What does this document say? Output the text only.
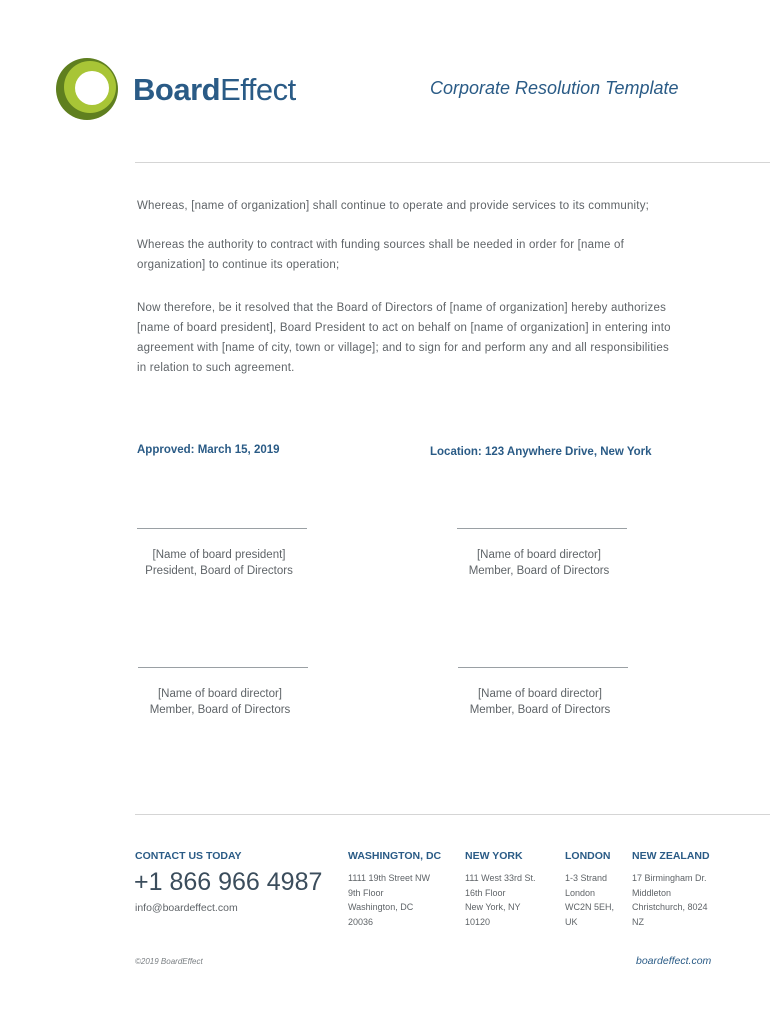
BoardEffect	Corporate Resolution Template
Whereas, [name of organization] shall continue to operate and provide services to its community;
Whereas the authority to contract with funding sources shall be needed in order for [name of organization] to continue its operation;
Now therefore, be it resolved that the Board of Directors of [name of organization] hereby authorizes [name of board president], Board President to act on behalf on [name of organization] in entering into agreement with [name of city, town or village]; and to sign for and perform any and all responsibilities in relation to such agreement.
Approved: March 15, 2019	Location: 123 Anywhere Drive, New York
[Name of board president]
President, Board of Directors
[Name of board director]
Member, Board of Directors
[Name of board director]
Member, Board of Directors
[Name of board director]
Member, Board of Directors
CONTACT US TODAY
+1 866 966 4987
info@boardeffect.com
WASHINGTON, DC
1111 19th Street NW
9th Floor
Washington, DC
20036
NEW YORK
111 West 33rd St.
16th Floor
New York, NY
10120
LONDON
1-3 Strand
London
WC2N 5EH,
UK
NEW ZEALAND
17 Birmingham Dr.
Middleton
Christchurch, 8024
NZ
©2019 BoardEffect	boardeffect.com
